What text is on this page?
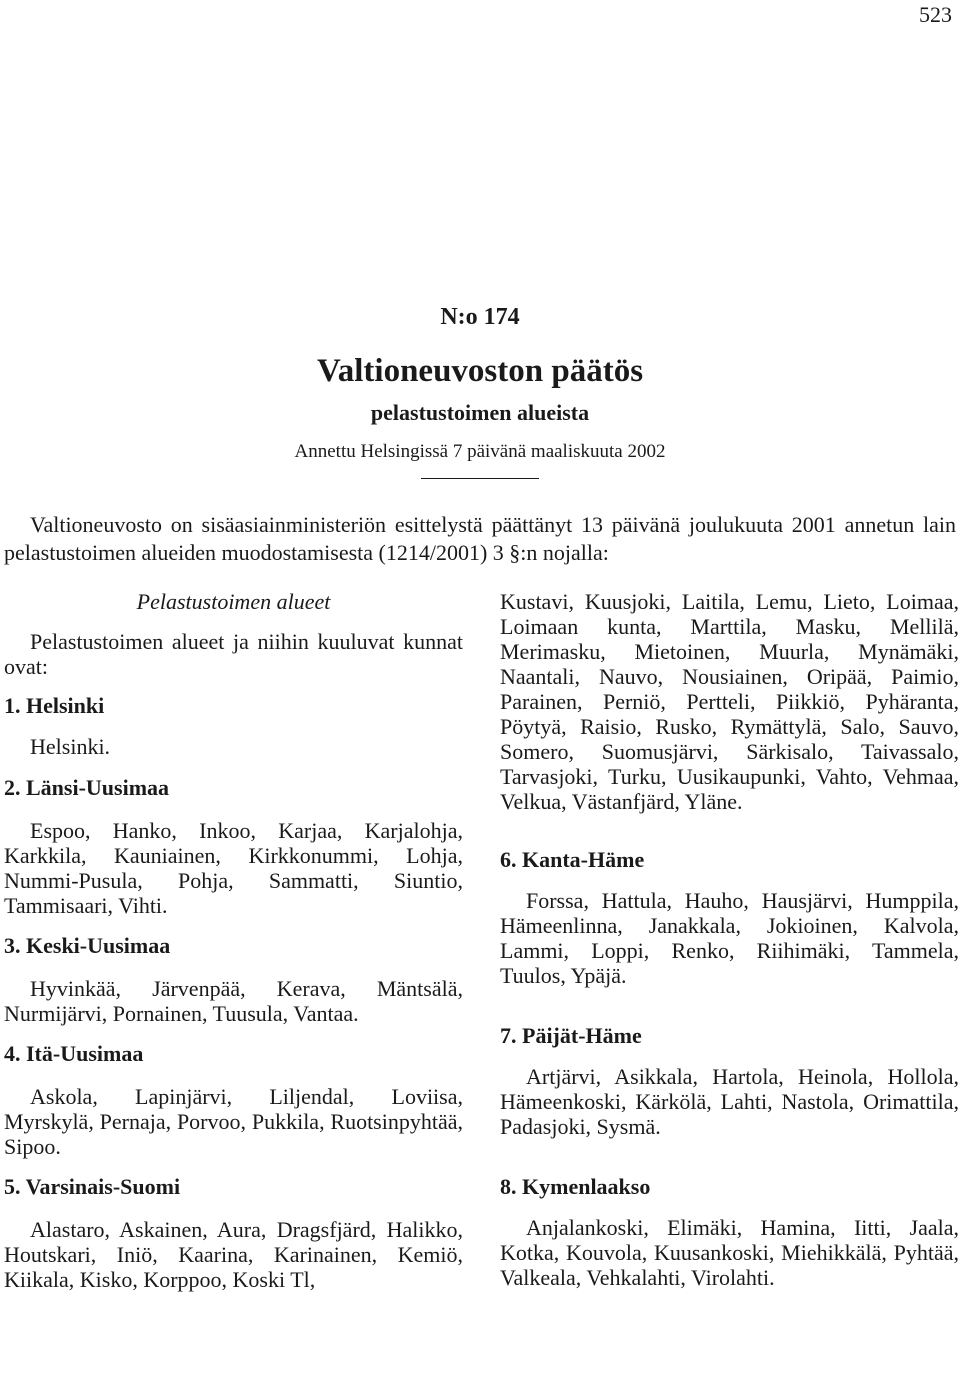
523
N:o 174
Valtioneuvoston päätös
pelastustoimen alueista
Annettu Helsingissä 7 päivänä maaliskuuta 2002
Valtioneuvosto on sisäasiainministeriön esittelystä päättänyt 13 päivänä joulukuuta 2001 annetun lain pelastustoimen alueiden muodostamisesta (1214/2001) 3 §:n nojalla:
Pelastustoimen alueet

Pelastustoimen alueet ja niihin kuuluvat kunnat ovat:

1. Helsinki

Helsinki.

2. Länsi-Uusimaa

Espoo, Hanko, Inkoo, Karjaa, Karjalohja, Karkkila, Kauniainen, Kirkkonummi, Lohja, Nummi-Pusula, Pohja, Sammatti, Siuntio, Tammisaari, Vihti.

3. Keski-Uusimaa

Hyvinkää, Järvenpää, Kerava, Mäntsälä, Nurmijärvi, Pornainen, Tuusula, Vantaa.

4. Itä-Uusimaa

Askola, Lapinjärvi, Liljendal, Loviisa, Myrskylä, Pernaja, Porvoo, Pukkila, Ruotsinpyhtää, Sipoo.

5. Varsinais-Suomi

Alastaro, Askainen, Aura, Dragsfjärd, Halikko, Houtskari, Iniö, Kaarina, Karinainen, Kemiö, Kiikala, Kisko, Korppoo, Koski Tl,

Kustavi, Kuusjoki, Laitila, Lemu, Lieto, Loimaa, Loimaan kunta, Marttila, Masku, Mellilä, Merimasku, Mietoinen, Muurla, Mynämäki, Naantali, Nauvo, Nousiainen, Oripää, Paimio, Parainen, Perniö, Pertteli, Piikkiö, Pyhäranta, Pöytyä, Raisio, Rusko, Rymättylä, Salo, Sauvo, Somero, Suomusjärvi, Särkisalo, Taivassalo, Tarvasjoki, Turku, Uusikaupunki, Vahto, Vehmaa, Velkua, Västanfjärd, Yläne.

6. Kanta-Häme

Forssa, Hattula, Hauho, Hausjärvi, Humppila, Hämeenlinna, Janakkala, Jokioinen, Kalvola, Lammi, Loppi, Renko, Riihimäki, Tammela, Tuulos, Ypäjä.

7. Päijät-Häme

Artjärvi, Asikkala, Hartola, Heinola, Hollola, Hämeenkoski, Kärkölä, Lahti, Nastola, Orimattila, Padasjoki, Sysmä.

8. Kymenlaakso

Anjalankoski, Elimäki, Hamina, Iitti, Jaala, Kotka, Kouvola, Kuusankoski, Miehikkälä, Pyhtää, Valkeala, Vehkalahti, Virolahti.
